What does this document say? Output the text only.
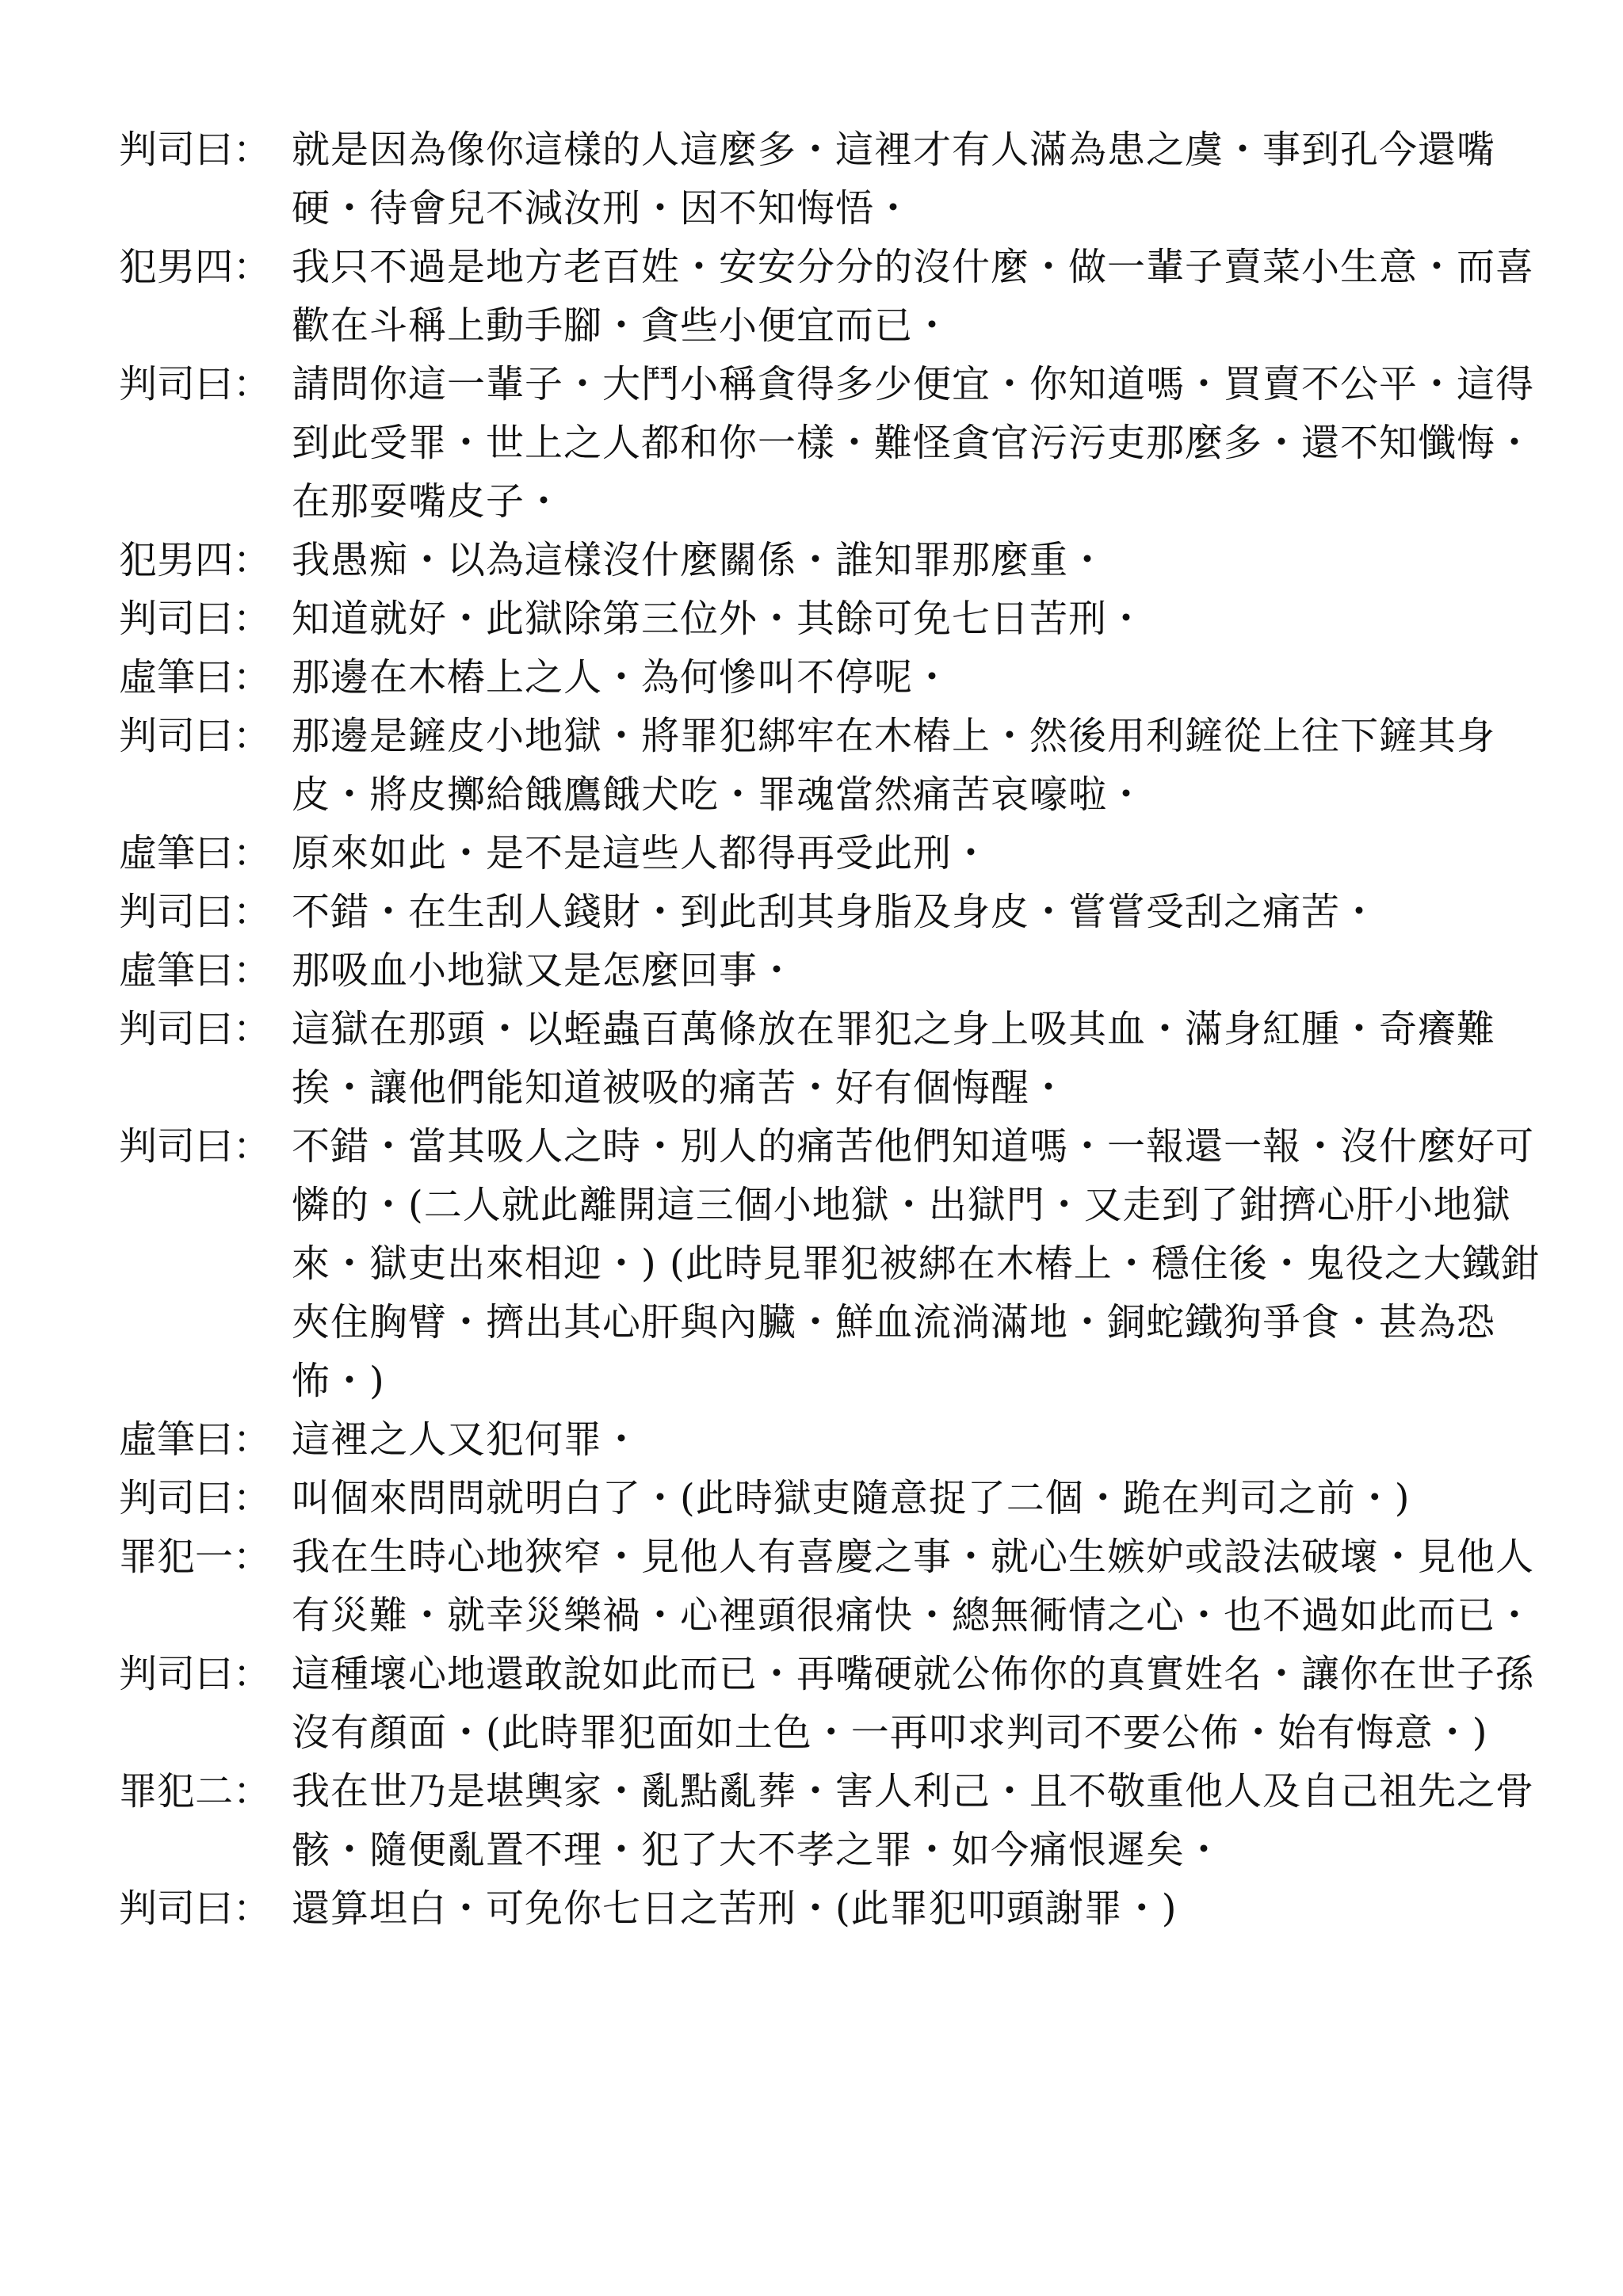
判司曰： 就是因為像你這樣的人這麼多・這裡才有人滿為患之虞・事到孔今還嘴硬・待會兒不減汝刑・因不知悔悟・
犯男四： 我只不過是地方老百姓・安安分分的沒什麼・做一輩子賣菜小生意・而喜歡在斗稱上動手腳・貪些小便宜而已・
判司曰： 請問你這一輩子・大鬥小稱貪得多少便宜・你知道嗎・買賣不公平・這得到此受罪・世上之人都和你一樣・難怪貪官污污吏那麼多・還不知懺悔・在那耍嘴皮子・
犯男四： 我愚痴・以為這樣沒什麼關係・誰知罪那麼重・
判司曰： 知道就好・此獄除第三位外・其餘可免七日苦刑・
虛筆曰： 那邊在木樁上之人・為何慘叫不停呢・
判司曰： 那邊是鏟皮小地獄・將罪犯綁牢在木樁上・然後用利鏟從上往下鏟其身皮・將皮擲給餓鷹餓犬吃・罪魂當然痛苦哀嚎啦・
虛筆曰： 原來如此・是不是這些人都得再受此刑・
判司曰： 不錯・在生刮人錢財・到此刮其身脂及身皮・嘗嘗受刮之痛苦・
虛筆曰： 那吸血小地獄又是怎麼回事・
判司曰： 這獄在那頭・以蛭蟲百萬條放在罪犯之身上吸其血・滿身紅腫・奇癢難挨・讓他們能知道被吸的痛苦・好有個悔醒・
判司曰： 不錯・當其吸人之時・別人的痛苦他們知道嗎・一報還一報・沒什麼好可憐的・(二人就此離開這三個小地獄・出獄門・又走到了鉗擠心肝小地獄來・獄吏出來相迎・) (此時見罪犯被綁在木樁上・穩住後・鬼役之大鐵鉗夾住胸臂・擠出其心肝與內臟・鮮血流淌滿地・銅蛇鐵狗爭食・甚為恐怖・)
虛筆曰： 這裡之人又犯何罪・
判司曰： 叫個來問問就明白了・(此時獄吏隨意捉了二個・跪在判司之前・)
罪犯一： 我在生時心地狹窄・見他人有喜慶之事・就心生嫉妒或設法破壞・見他人有災難・就幸災樂禍・心裡頭很痛快・總無衕情之心・也不過如此而已・
判司曰： 這種壞心地還敢說如此而已・再嘴硬就公佈你的真實姓名・讓你在世子孫沒有顏面・(此時罪犯面如土色・一再叩求判司不要公佈・始有悔意・)
罪犯二： 我在世乃是堪輿家・亂點亂葬・害人利己・且不敬重他人及自己祖先之骨骸・隨便亂置不理・犯了大不孝之罪・如今痛恨遲矣・
判司曰： 還算坦白・可免你七日之苦刑・(此罪犯叩頭謝罪・)
